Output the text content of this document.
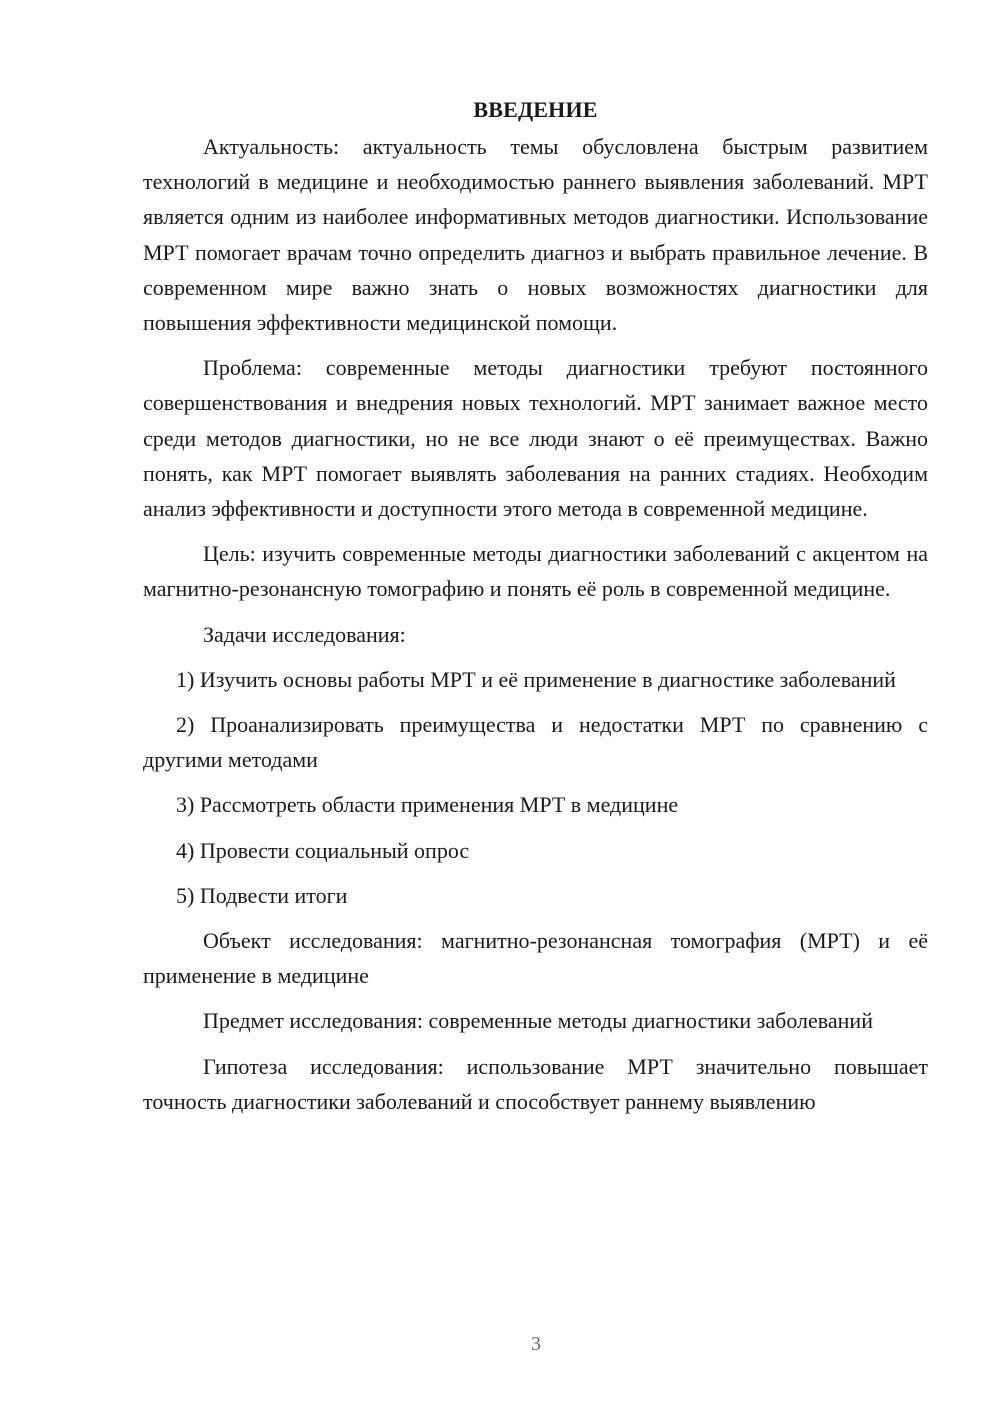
ВВЕДЕНИЕ

Актуальность: актуальность темы обусловлена быстрым развитием технологий в медицине и необходимостью раннего выявления заболеваний. МРТ является одним из наиболее информативных методов диагностики. Использование МРТ помогает врачам точно определить диагноз и выбрать правильное лечение. В современном мире важно знать о новых возможностях диагностики для повышения эффективности медицинской помощи.

Проблема: современные методы диагностики требуют постоянного совершенствования и внедрения новых технологий. МРТ занимает важное место среди методов диагностики, но не все люди знают о её преимуществах. Важно понять, как МРТ помогает выявлять заболевания на ранних стадиях. Необходим анализ эффективности и доступности этого метода в современной медицине.

Цель: изучить современные методы диагностики заболеваний с акцентом на магнитно-резонансную томографию и понять её роль в современной медицине.

Задачи исследования:

1) Изучить основы работы МРТ и её применение в диагностике заболеваний

2) Проанализировать преимущества и недостатки МРТ по сравнению с другими методами

3) Рассмотреть области применения МРТ в медицине

4) Провести социальный опрос

5) Подвести итоги

Объект исследования: магнитно-резонансная томография (МРТ) и её применение в медицине

Предмет исследования: современные методы диагностики заболеваний

Гипотеза исследования: использование МРТ значительно повышает точность диагностики заболеваний и способствует раннему выявлению

3
